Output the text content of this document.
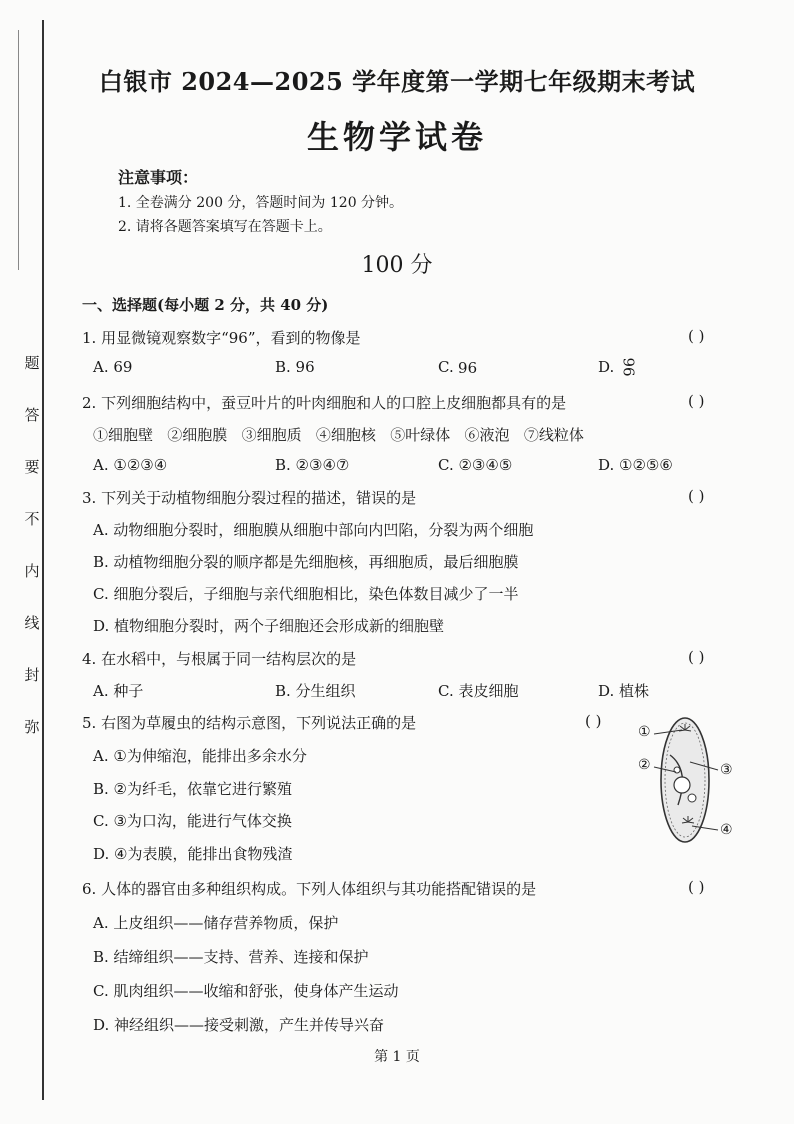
题
答
要
不
内
线
封
弥
白银市 2024—2025 学年度第一学期七年级期末考试
生物学试卷
注意事项：
1. 全卷满分 200 分，答题时间为 120 分钟。
2. 请将各题答案填写在答题卡上。
100 分
一、选择题(每小题 2 分，共 40 分)
1. 用显微镜观察数字“96”，看到的物像是	( )
A. 69	B. 96	C. 96	D. 96
2. 下列细胞结构中，蚕豆叶片的叶肉细胞和人的口腔上皮细胞都具有的是	( )
①细胞壁   ②细胞膜   ③细胞质   ④细胞核   ⑤叶绿体   ⑥液泡   ⑦线粒体
A. ①②③④	B. ②③④⑦	C. ②③④⑤	D. ①②⑤⑥
3. 下列关于动植物细胞分裂过程的描述，错误的是	( )
A. 动物细胞分裂时，细胞膜从细胞中部向内凹陷，分裂为两个细胞
B. 动植物细胞分裂的顺序都是先细胞核，再细胞质，最后细胞膜
C. 细胞分裂后，子细胞与亲代细胞相比，染色体数目减少了一半
D. 植物细胞分裂时，两个子细胞还会形成新的细胞壁
4. 在水稻中，与根属于同一结构层次的是	( )
A. 种子	B. 分生组织	C. 表皮细胞	D. 植株
5. 右图为草履虫的结构示意图，下列说法正确的是	( )
A. ①为伸缩泡，能排出多余水分
B. ②为纤毛，依靠它进行繁殖
C. ③为口沟，能进行气体交换
D. ④为表膜，能排出食物残渣
①
②	③
④
6. 人体的器官由多种组织构成。下列人体组织与其功能搭配错误的是	( )
A. 上皮组织——储存营养物质，保护
B. 结缔组织——支持、营养、连接和保护
C. 肌肉组织——收缩和舒张，使身体产生运动
D. 神经组织——接受刺激，产生并传导兴奋
第 1 页
